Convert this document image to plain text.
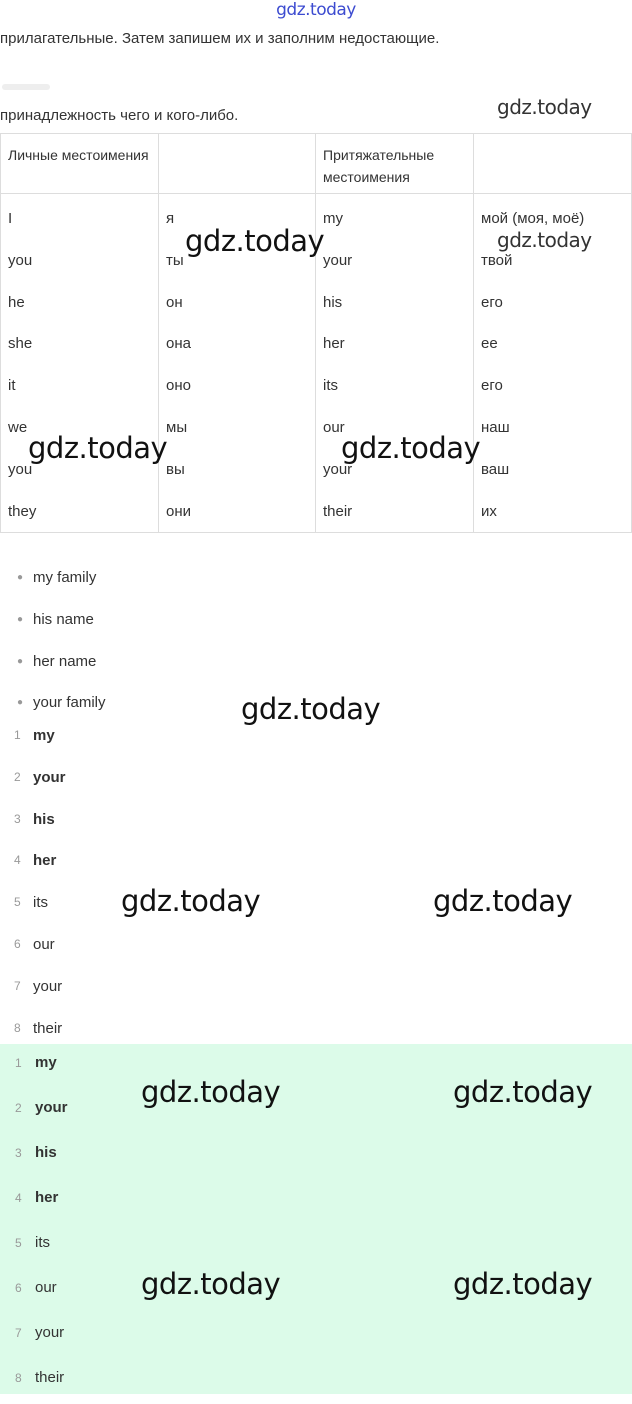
gdz.today
прилагательные. Затем запишем их и заполним недостающие.
принадлежность чего и кого-либо.
Личные местоимения		Притяжательные местоимения	
I	я	my	мой (моя, моё)
you	ты	your	твой
he	он	his	его
she	она	her	ее
it	оно	its	его
we	мы	our	наш
you	вы	your	ваш
they	они	their	их
● my family
● his name
● her name
● your family
1 my
2 your
3 his
4 her
5 its
6 our
7 your
8 their
1 my
2 your
3 his
4 her
5 its
6 our
7 your
8 their
gdz.today
gdz.today	gdz.today
gdz.today	gdz.today
gdz.today
gdz.today	gdz.today
gdz.today	gdz.today
gdz.today	gdz.today
